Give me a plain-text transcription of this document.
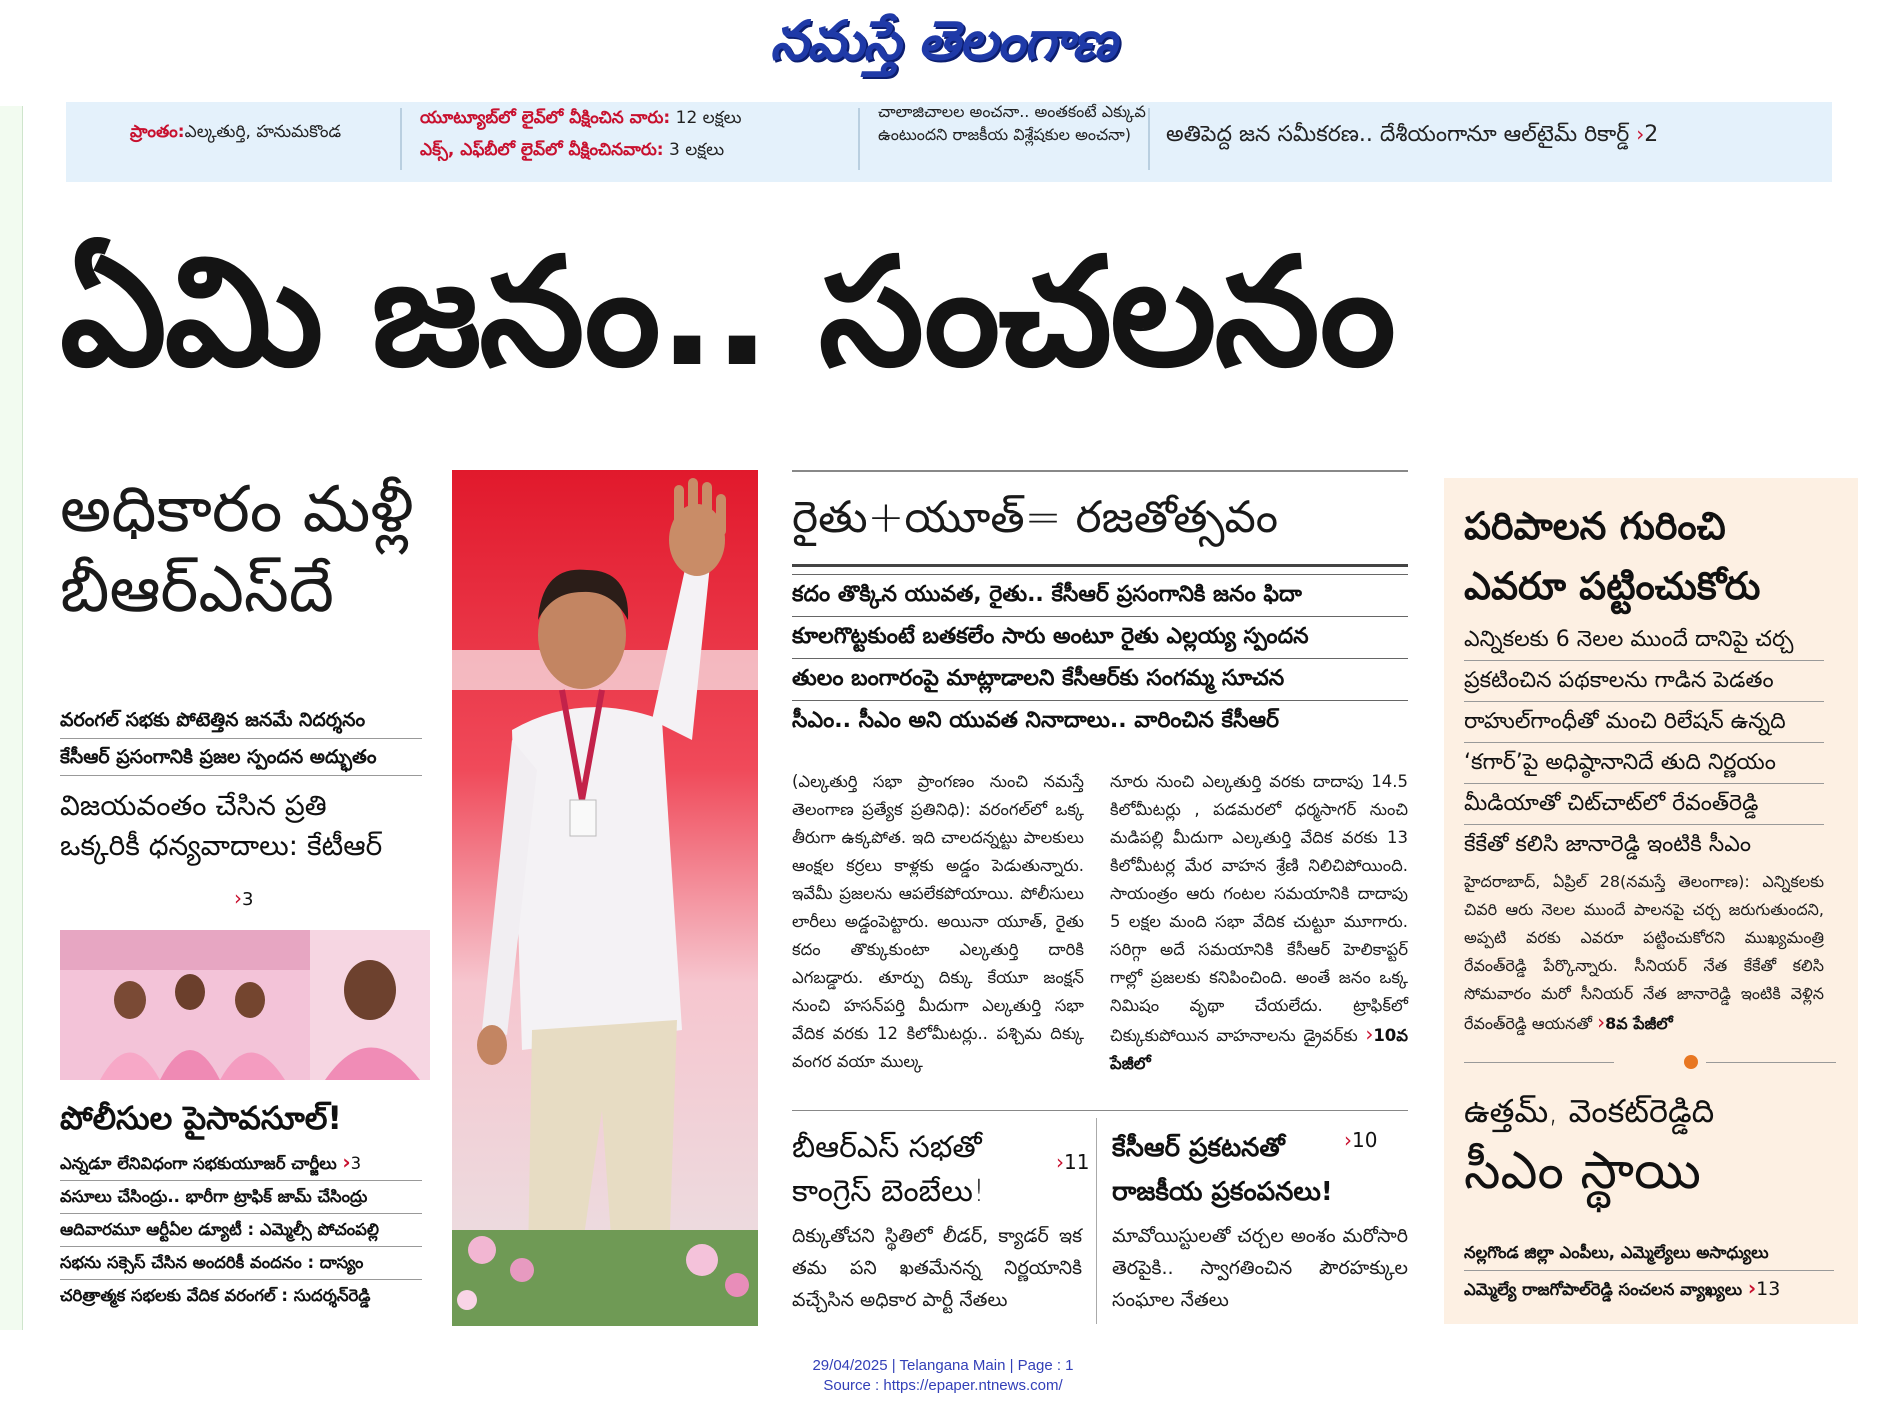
నమస్తే తెలంగాణ
ప్రాంతం:ఎల్కతుర్తి, హనుమకొండ
యూట్యూబ్‌లో లైవ్‌లో వీక్షించిన వారు: 12 లక్షలు
ఎక్స్, ఎఫ్‌బీలో లైవ్‌లో వీక్షించినవారు: 3 లక్షలు
చాలాజిచాలల అంచనా.. అంతకంటే ఎక్కువ ఉంటుందని రాజకీయ విశ్లేషకుల అంచనా)	అతిపెద్ద జన సమీకరణ.. దేశీయంగానూ ఆల్‌టైమ్ రికార్డ్ ›2
ఏమి జనం.. సంచలనం
అధికారం మళ్లీ
బీఆర్ఎస్‌దే
వరంగల్ సభకు పోటెత్తిన జనమే నిదర్శనం
కేసీఆర్ ప్రసంగానికి ప్రజల స్పందన అద్భుతం
విజయవంతం చేసిన ప్రతి
ఒక్కరికీ ధన్యవాదాలు: కేటీఆర్
›3
పోలీసుల పైసావసూల్!
ఎన్నడూ లేనివిధంగా సభకుయూజర్ చార్జీలు ›3
వసూలు చేసింద్రు.. భారీగా ట్రాఫిక్ జామ్ చేసింద్రు
ఆదివారమూ ఆర్టీఏల డ్యూటీ : ఎమ్మెల్సీ పోచంపల్లి
సభను సక్సెస్ చేసిన అందరికీ వందనం : దాస్యం
చరిత్రాత్మక సభలకు వేదిక వరంగల్ : సుదర్శన్‌రెడ్డి
రైతు+యూత్= రజతోత్సవం
కదం తొక్కిన యువత, రైతు.. కేసీఆర్ ప్రసంగానికి జనం ఫిదా
కూలగొట్టకుంటే బతకలేం సారు అంటూ రైతు ఎల్లయ్య స్పందన
తులం బంగారంపై మాట్లాడాలని కేసీఆర్‌కు సంగమ్మ సూచన
సీఎం.. సీఎం అని యువత నినాదాలు.. వారించిన కేసీఆర్
(ఎల్కతుర్తి సభా ప్రాంగణం నుంచి నమస్తే తెలంగాణ ప్రత్యేక ప్రతినిధి): వరంగల్‌లో ఒక్క తీరుగా ఉక్కపోత. ఇది చాలదన్నట్టు పాలకులు ఆంక్షల కర్రలు కాళ్లకు అడ్డం పెడుతున్నారు. ఇవేమీ ప్రజలను ఆపలేకపోయాయి. పోలీసులు లారీలు అడ్డంపెట్టారు. అయినా యూత్, రైతు కదం తొక్కుకుంటా ఎల్కతుర్తి దారికి ఎగబడ్డారు. తూర్పు దిక్కు కేయూ జంక్షన్ నుంచి హసన్‌పర్తి మీదుగా ఎల్కతుర్తి సభా వేదిక వరకు 12 కిలోమీటర్లు.. పశ్చిమ దిక్కు వంగర వయా ముల్క
నూరు నుంచి ఎల్కతుర్తి వరకు దాదాపు 14.5 కిలోమీటర్లు , పడమరలో ధర్మసాగర్ నుంచి మడిపల్లి మీదుగా ఎల్కతుర్తి వేదిక వరకు 13 కిలోమీటర్ల మేర వాహన శ్రేణి నిలిచిపోయింది. సాయంత్రం ఆరు గంటల సమయానికి దాదాపు 5 లక్షల మంది సభా వేదిక చుట్టూ మూగారు. సరిగ్గా అదే సమయానికి కేసీఆర్ హెలికాప్టర్ గాల్లో ప్రజలకు కనిపించింది. అంతే జనం ఒక్క నిమిషం వృథా చేయలేదు. ట్రాఫిక్‌లో చిక్కుకుపోయిన వాహనాలను డ్రైవర్‌కు ›10వ పేజీలో
బీఆర్ఎస్ సభతో
కాంగ్రెస్ బెంబేలు!
దిక్కుతోచని స్థితిలో లీడర్, క్యాడర్ ఇక తమ పని ఖతమేనన్న నిర్ణయానికి వచ్చేసిన అధికార పార్టీ నేతలు
›11 కేసీఆర్ ప్రకటనతో
రాజకీయ ప్రకంపనలు!
మావోయిస్టులతో చర్చల అంశం మరోసారి తెరపైకి.. స్వాగతించిన పౌరహక్కుల సంఘాల నేతలు
›10
పరిపాలన గురించి
ఎవరూ పట్టించుకోరు
ఎన్నికలకు 6 నెలల ముందే దానిపై చర్చ
ప్రకటించిన పథకాలను గాడిన పెడతం
రాహుల్‌గాంధీతో మంచి రిలేషన్ ఉన్నది
‘కగార్’పై అధిష్ఠానానిదే తుది నిర్ణయం
మీడియాతో చిట్‌చాట్‌లో రేవంత్‌రెడ్డి
కేకేతో కలిసి జానారెడ్డి ఇంటికి సీఎం
హైదరాబాద్, ఏప్రిల్ 28(నమస్తే తెలంగాణ): ఎన్నికలకు చివరి ఆరు నెలల ముందే పాలనపై చర్చ జరుగుతుందని, అప్పటి వరకు ఎవరూ పట్టించుకోరని ముఖ్యమంత్రి రేవంత్‌రెడ్డి పేర్కొన్నారు. సీనియర్ నేత కేకేతో కలిసి సోమవారం మరో సీనియర్ నేత జానారెడ్డి ఇంటికి వెళ్లిన రేవంత్‌రెడ్డి ఆయనతో ›8వ పేజీలో
ఉత్తమ్, వెంకట్‌రెడ్డిది
సీఎం స్థాయి
నల్లగొండ జిల్లా ఎంపీలు, ఎమ్మెల్యేలు అసాధ్యులు
ఎమ్మెల్యే రాజగోపాల్‌రెడ్డి సంచలన వ్యాఖ్యలు ›13
29/04/2025 | Telangana Main | Page : 1
Source : https://epaper.ntnews.com/
